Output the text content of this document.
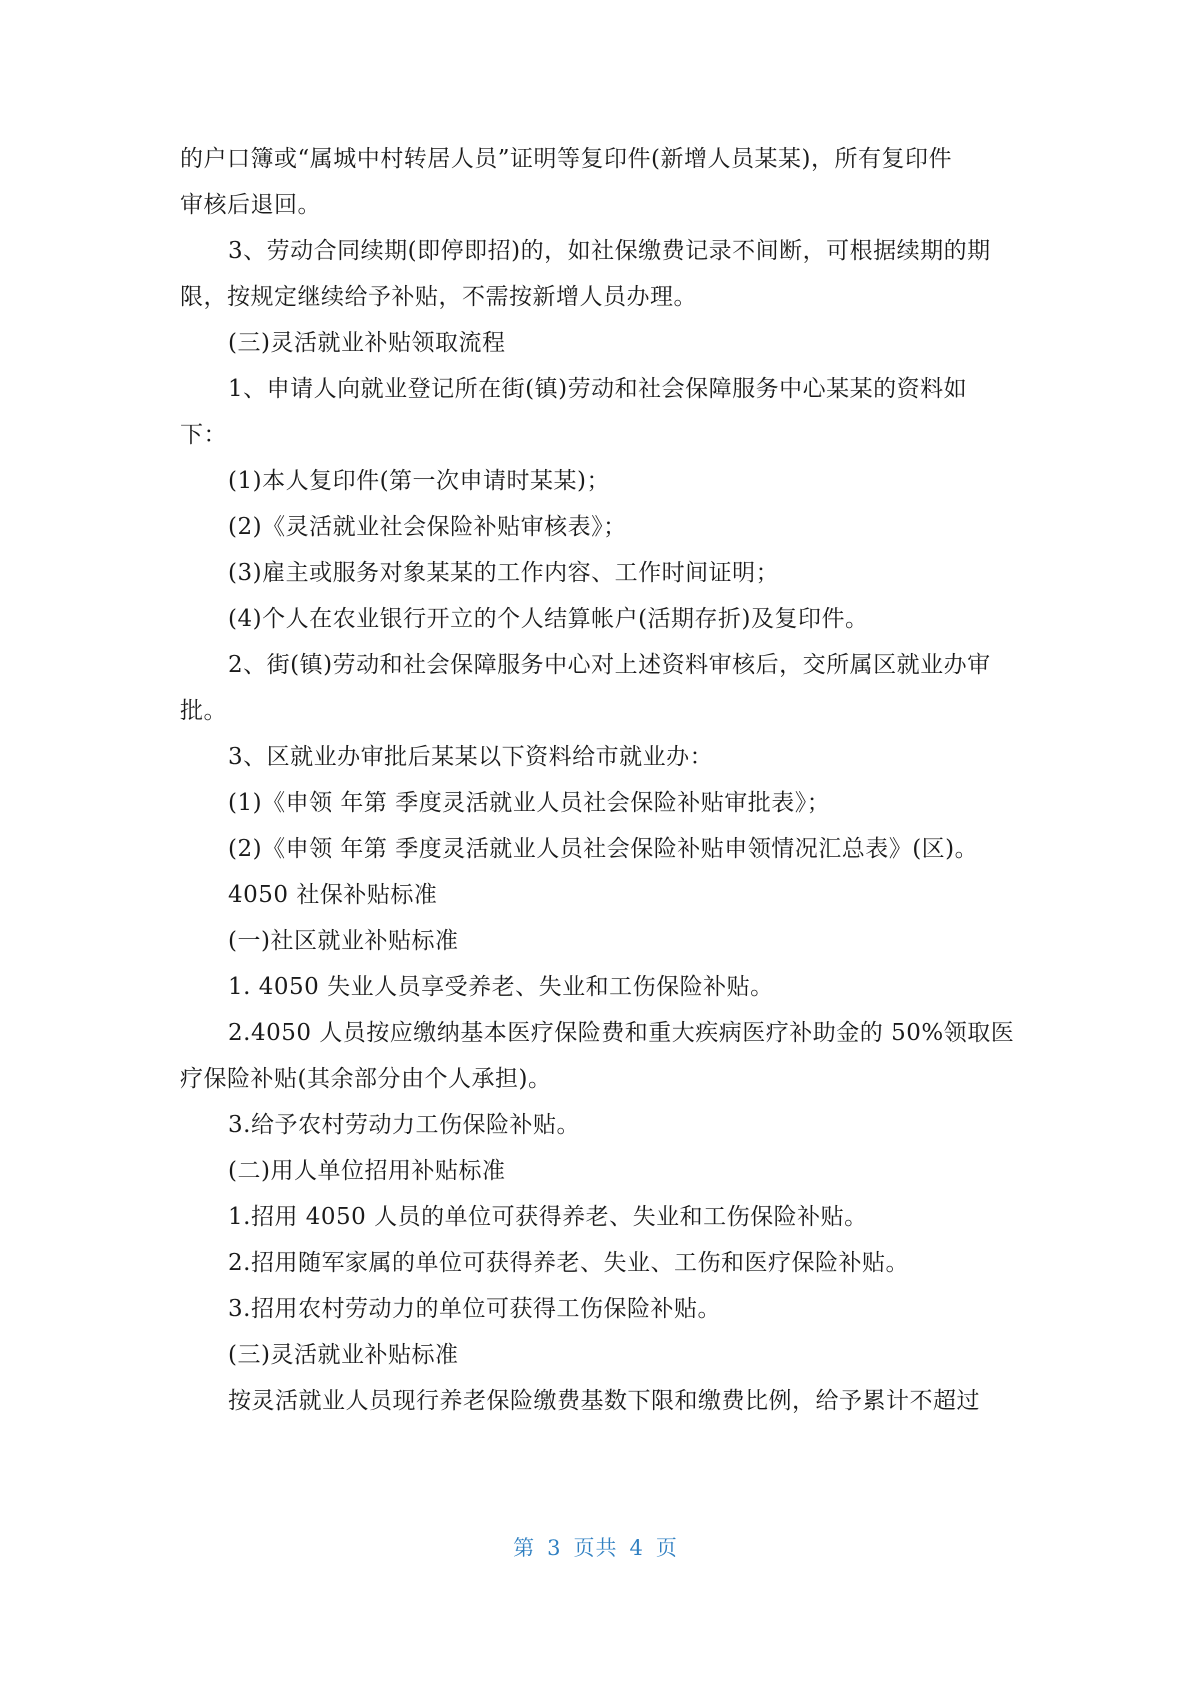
的户口簿或“属城中村转居人员”证明等复印件(新增人员某某)，所有复印件
审核后退回。
3、劳动合同续期(即停即招)的，如社保缴费记录不间断，可根据续期的期
限，按规定继续给予补贴，不需按新增人员办理。
(三)灵活就业补贴领取流程
1、申请人向就业登记所在街(镇)劳动和社会保障服务中心某某的资料如
下：
(1)本人复印件(第一次申请时某某)；
(2)《灵活就业社会保险补贴审核表》；
(3)雇主或服务对象某某的工作内容、工作时间证明；
(4)个人在农业银行开立的个人结算帐户(活期存折)及复印件。
2、街(镇)劳动和社会保障服务中心对上述资料审核后，交所属区就业办审
批。
3、区就业办审批后某某以下资料给市就业办：
(1)《申领 年第 季度灵活就业人员社会保险补贴审批表》；
(2)《申领 年第 季度灵活就业人员社会保险补贴申领情况汇总表》(区)。
4050 社保补贴标准
(一)社区就业补贴标准
1. 4050 失业人员享受养老、失业和工伤保险补贴。
2.4050 人员按应缴纳基本医疗保险费和重大疾病医疗补助金的 50%领取医
疗保险补贴(其余部分由个人承担)。
3.给予农村劳动力工伤保险补贴。
(二)用人单位招用补贴标准
1.招用 4050 人员的单位可获得养老、失业和工伤保险补贴。
2.招用随军家属的单位可获得养老、失业、工伤和医疗保险补贴。
3.招用农村劳动力的单位可获得工伤保险补贴。
(三)灵活就业补贴标准
按灵活就业人员现行养老保险缴费基数下限和缴费比例，给予累计不超过
第 3 页共 4 页
